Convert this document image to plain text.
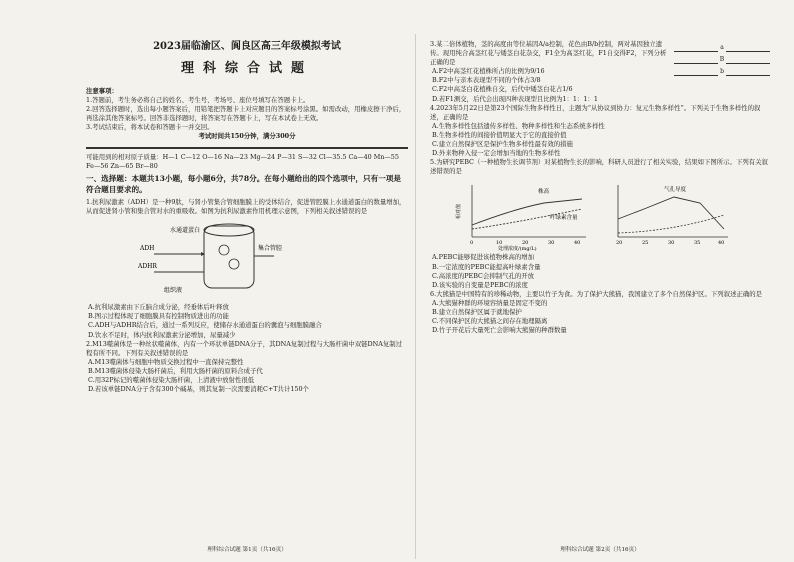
2023届临渝区、阆良区高三年级模拟考试

理科综合试题

注意事项：

1.答题前，考生务必将自己的姓名、考生号、考场号、座位号填写在答题卡上。

2.回答选择题时，选出每小题答案后，用铅笔把答题卡上对应题目的答案标号涂黑。如需改动，用橡皮擦干净后，再选涂其他答案标号。回答非选择题时，将答案写在答题卡上，写在本试卷上无效。

3.考试结束后，将本试卷和答题卡一并交回。

考试时间共150分钟，满分300分

可能用到的相对原子质量：H—1 C—12 O—16 Na—23 Mg—24 P—31 S—32 Cl—35.5 Ca—40 Mn—55 Fe—56 Zn—65 Br—80

一、选择题：本题共13小题，每小题6分，共78分。在每小题给出的四个选项中，只有一项是符合题目要求的。

1.抗利尿激素（ADH）是一种9肽，与肾小管集合管细胞膜上的受体结合，促进管腔膜上水通道蛋白的数量增加，从而促进肾小管和集合管对水的重吸收。如图为抗利尿激素作用机理示意图，下列相关叙述错误的是

水通道蛋白
ADH
ADHR
集合管腔
组织液

A.抗利尿激素由下丘脑合成分泌，经垂体后叶释放

B.图示过程体现了细胞膜具有控制物质进出的功能

C.ADH与ADHR结合后，通过一系列反应，使储存水通道蛋白的囊泡与细胞膜融合

D.饮水不足时，体内抗利尿激素分泌增加，尿量减少

2.M13噬菌体是一种丝状噬菌体，内有一个环状单链DNA分子，其DNA复制过程与大肠杆菌中双链DNA复制过程有所不同。下列有关叙述错误的是

A.M13噬菌体与细胞中物质交换过程中一直保持完整性

B.M13噬菌体侵染大肠杆菌后，利用大肠杆菌的原料合成子代

C.用32P标记的噬菌体侵染大肠杆菌，上清液中放射性很低

D.若该单链DNA分子含有300个碱基，则其复制一次需要消耗C+T共计150个

理科综合试题 第1页（共16页）

3.某二倍体植物，茎的高度由等位基因A/a控制，花色由B/b控制，两对基因独立遗传。现用纯合高茎红花与矮茎白花杂交，F1全为高茎红花，F1自交得F2，下列分析正确的是

a
B
b

A.F2中高茎红花植株所占的比例为9/16

B.F2中与亲本表现型不同的个体占3/8

C.F2中高茎白花植株自交，后代中矮茎白花占1/6

D.若F1测交，后代会出现四种表现型且比例为1：1：1：1

4.2023年5月22日是第23个国际生物多样性日，主题为“从协议到协力：复元生物多样性”。下列关于生物多样性的叙述，正确的是

A.生物多样性包括遗传多样性、物种多样性和生态系统多样性

B.生物多样性的间接价值明显大于它的直接价值

C.建立自然保护区是保护生物多样性最有效的措施

D.外来物种入侵一定会增加当地的生物多样性

5.为研究PEBC（一种植物生长调节剂）对某植物生长的影响，科研人员进行了相关实验，结果如下图所示。下列有关叙述错误的是

株高
叶绿素含量
0	10	20	30	40
处理浓度/(mg/L)
相对值
气孔导度
20	25	30	35	40

A.PEBC能够促进该植物株高的增加

B.一定浓度的PEBC能提高叶绿素含量

C.高浓度的PEBC会抑制气孔的开放

D.该实验的自变量是PEBC的浓度

6.大熊猫是中国特有的珍稀动物，主要以竹子为食。为了保护大熊猫，我国建立了多个自然保护区。下列叙述正确的是

A.大熊猫种群的环境容纳量是固定不变的

B.建立自然保护区属于就地保护

C.不同保护区的大熊猫之间存在地理隔离

D.竹子开花后大量死亡会影响大熊猫的种群数量

理科综合试题 第2页（共16页）
